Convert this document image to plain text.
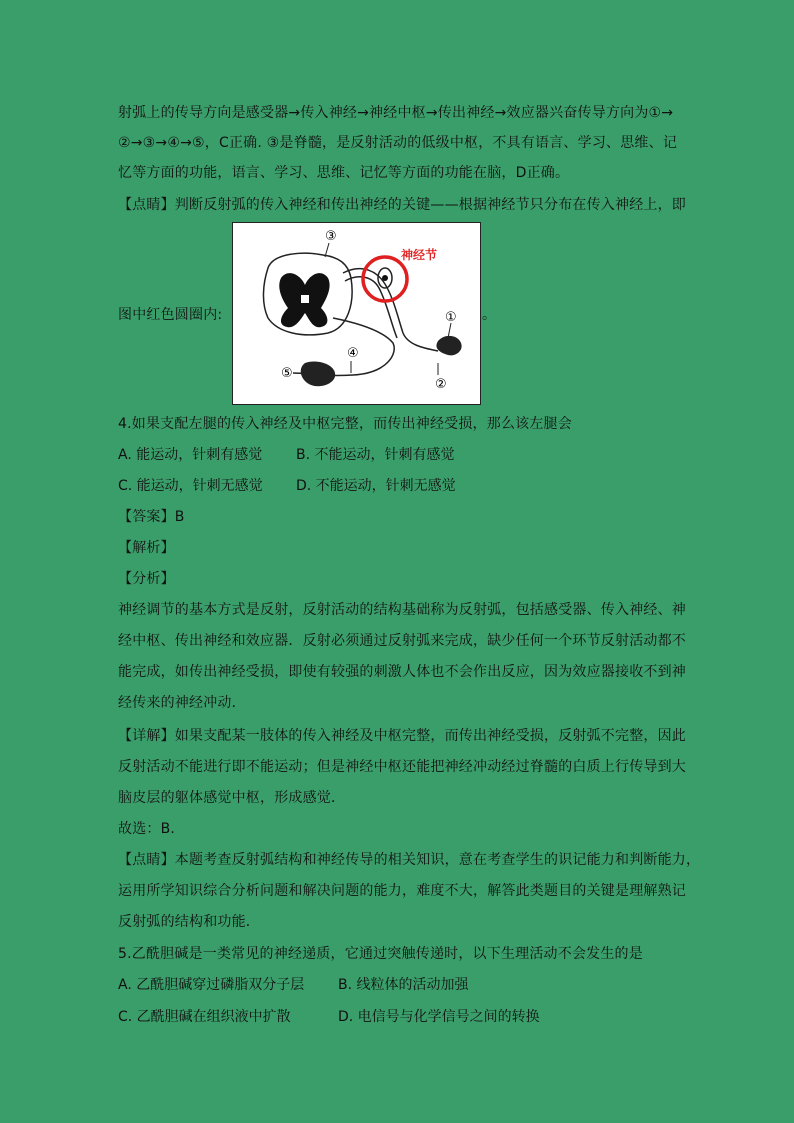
射弧上的传导方向是感受器→传入神经→神经中枢→传出神经→效应器兴奋传导方向为①→
②→③→④→⑤，C正确. ③是脊髓，是反射活动的低级中枢，不具有语言、学习、思维、记
忆等方面的功能，语言、学习、思维、记忆等方面的功能在脑，D正确。
【点睛】判断反射弧的传入神经和传出神经的关键——根据神经节只分布在传入神经上，即
图中红色圆圈内:	。
神经节
①
②
⑤
④
③
4.如果支配左腿的传入神经及中枢完整，而传出神经受损，那么该左腿会
A. 能运动，针刺有感觉 B. 不能运动，针刺有感觉
C. 能运动，针刺无感觉 D. 不能运动，针刺无感觉
【答案】B
【解析】
【分析】
神经调节的基本方式是反射，反射活动的结构基础称为反射弧，包括感受器、传入神经、神
经中枢、传出神经和效应器．反射必须通过反射弧来完成，缺少任何一个环节反射活动都不
能完成，如传出神经受损，即使有较强的刺激人体也不会作出反应，因为效应器接收不到神
经传来的神经冲动．
【详解】如果支配某一肢体的传入神经及中枢完整，而传出神经受损，反射弧不完整，因此
反射活动不能进行即不能运动；但是神经中枢还能把神经冲动经过脊髓的白质上行传导到大
脑皮层的躯体感觉中枢，形成感觉．
故选：B．
【点睛】本题考查反射弧结构和神经传导的相关知识，意在考查学生的识记能力和判断能力，
运用所学知识综合分析问题和解决问题的能力，难度不大，解答此类题目的关键是理解熟记
反射弧的结构和功能．
5.乙酰胆碱是一类常见的神经递质，它通过突触传递时，以下生理活动不会发生的是
A. 乙酰胆碱穿过磷脂双分子层 B. 线粒体的活动加强
C. 乙酰胆碱在组织液中扩散	D. 电信号与化学信号之间的转换
